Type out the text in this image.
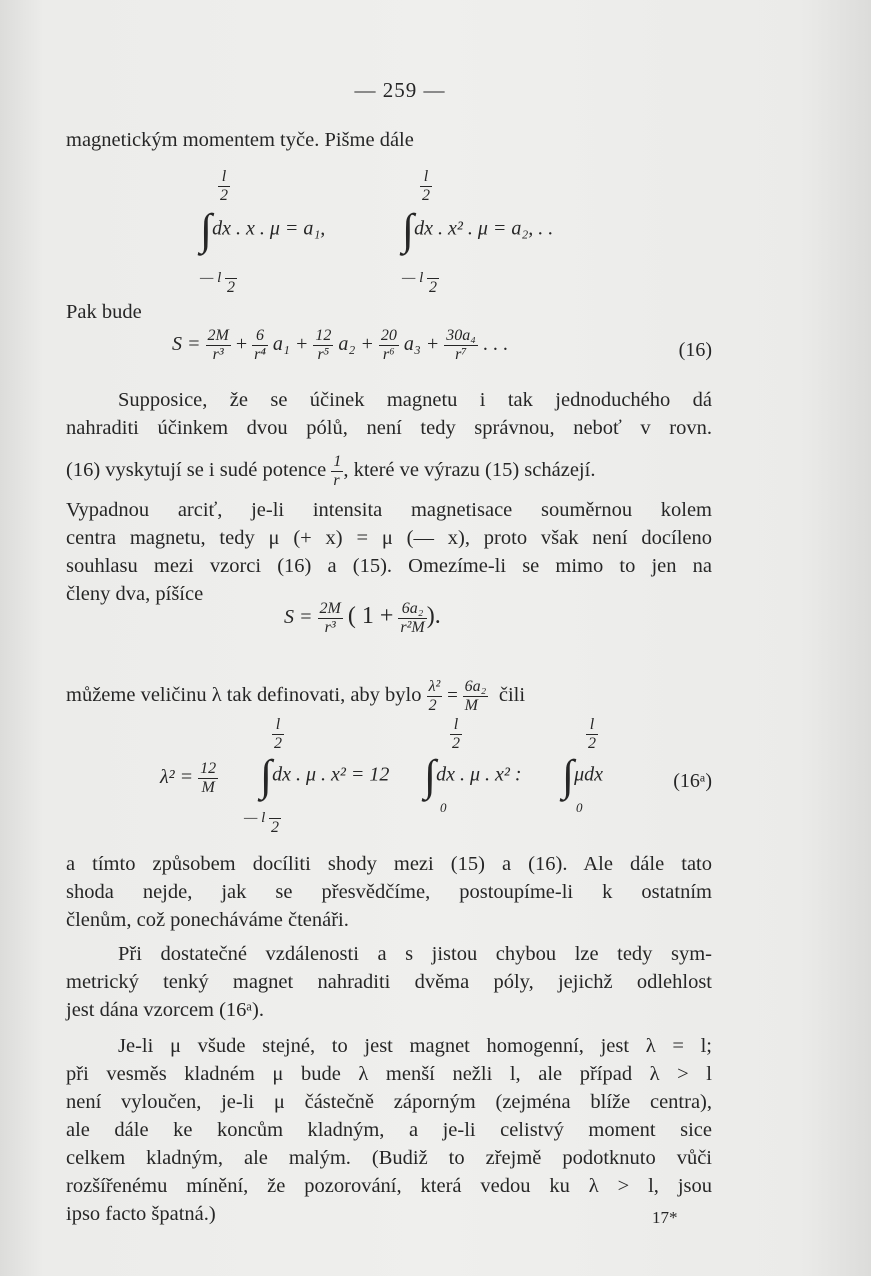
— 259 —
magnetickým momentem tyče. Pišme dále
$\frac{l}{2}$
∫dx . x . μ = a₁,
— l

2
$\frac{l}{2}$
∫dx . x² . μ = a₂, . .
— l

2
Pak bude
$S = \frac{2M}{\text{r³}} + \frac{6}{\text{r⁴}} a_1 + \frac{12}{\text{r⁵}} a_2 + \frac{20}{\text{r⁶}} a_3 + \frac{\text{30a₄}}{\text{r⁷}}$ . . .	(16)
Supposice, že se účinek magnetu i tak jednoduchého dá
nahraditi účinkem dvou pólů, není tedy správnou, neboť v rovn.
(16) vyskytují se i sudé potence $\frac{1}{r}$ , které ve výrazu (15) scházejí.
Vypadnou arciť, je-li intensita magnetisace souměrnou kolem
centra magnetu, tedy μ (+ x) = μ (— x), proto však není docíleno
souhlasu mezi vzorci (16) a (15). Omezíme-li se mimo to jen na
členy dva, píšíce
$S = \frac{2M}{\text{r³}}$ ( $1 + \frac{\text{6a₂}}{\text{r²M}}$ ).
můžeme veličinu λ tak definovati, aby bylo $\frac{\text{λ²}}{2} = \frac{\text{6a₂}}{M}$ čili
$\lambda^2 = \frac{12}{M}$
$\frac{l}{2}$
∫dx . μ . x² = 12
— l

2
$\frac{l}{2}$
∫dx . μ . x² :
0
$\frac{l}{2}$
∫μdx
0
(16ᵃ)
a tímto způsobem docíliti shody mezi (15) a (16). Ale dále tato
shoda nejde, jak se přesvědčíme, postoupíme-li k ostatním
členům, což ponecháváme čtenáři.
Při dostatečné vzdálenosti a s jistou chybou lze tedy sym-
metrický tenký magnet nahraditi dvěma póly, jejichž odlehlost
jest dána vzorcem (16ᵃ).
Je-li μ všude stejné, to jest magnet homogenní, jest λ = l;
při vesměs kladném μ bude λ menší nežli l, ale případ λ > l
není vyloučen, je-li μ částečně záporným (zejména blíže centra),
ale dále ke koncům kladným, a je-li celistvý moment sice
celkem kladným, ale malým. (Budiž to zřejmě podotknuto vůči
rozšířenému mínění, že pozorování, která vedou ku λ > l, jsou
ipso facto špatná.)	17*
